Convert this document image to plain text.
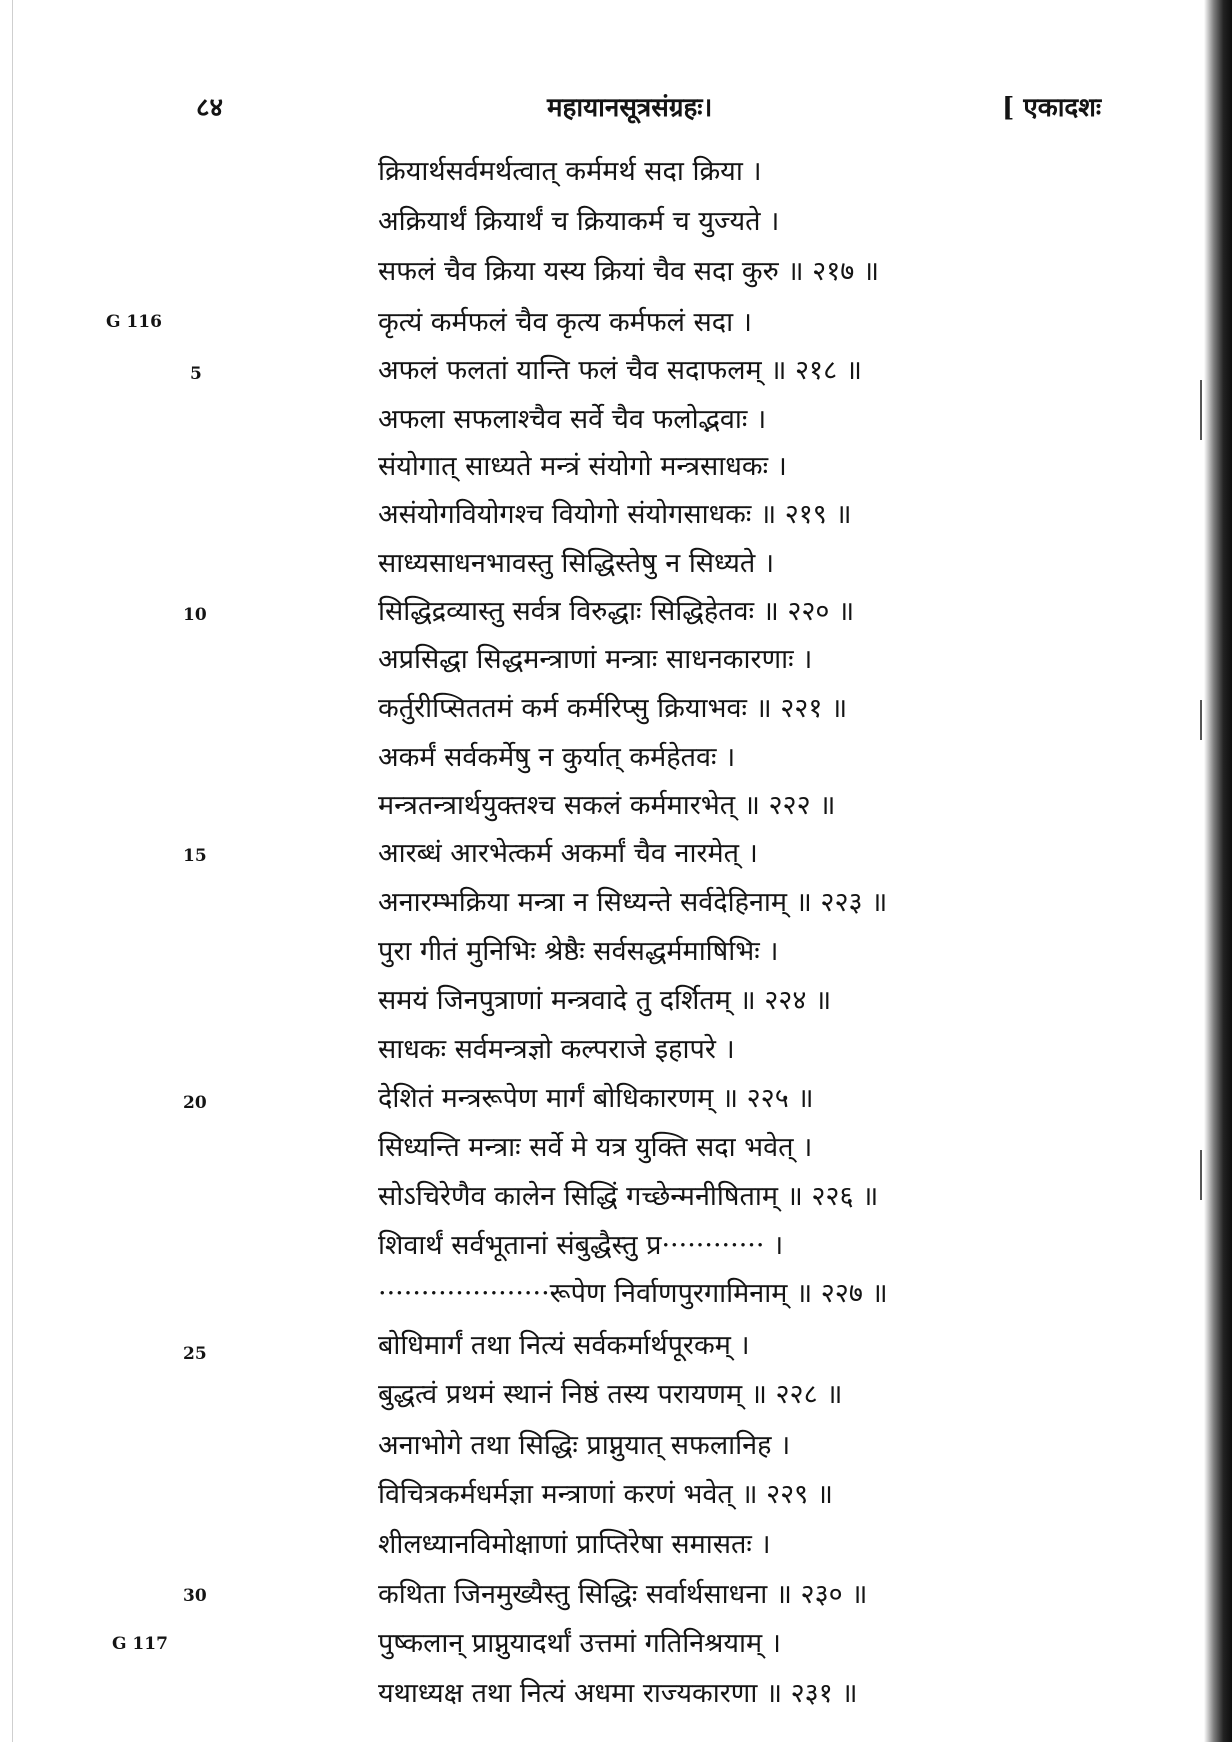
८४	महायानसूत्रसंग्रहः।	[ एकादशः
G 116
5
10
15
20
25
30
G 117
क्रियार्थसर्वमर्थत्वात् कर्ममर्थ सदा क्रिया ।
अक्रियार्थं क्रियार्थं च क्रियाकर्म च युज्यते ।
सफलं चैव क्रिया यस्य क्रियां चैव सदा कुरु ॥ २१७ ॥
कृत्यं कर्मफलं चैव कृत्य कर्मफलं सदा ।
अफलं फलतां यान्ति फलं चैव सदाफलम् ॥ २१८ ॥
अफला सफलाश्चैव सर्वे चैव फलोद्भवाः ।
संयोगात् साध्यते मन्त्रं संयोगो मन्त्रसाधकः ।
असंयोगवियोगश्च वियोगो संयोगसाधकः ॥ २१९ ॥
साध्यसाधनभावस्तु सिद्धिस्तेषु न सिध्यते ।
सिद्धिद्रव्यास्तु सर्वत्र विरुद्धाः सिद्धिहेतवः ॥ २२० ॥
अप्रसिद्धा सिद्धमन्त्राणां मन्त्राः साधनकारणाः ।
कर्तुरीप्सिततमं कर्म कर्मरिप्सु क्रियाभवः ॥ २२१ ॥
अकर्मं सर्वकर्मेषु न कुर्यात् कर्महेतवः ।
मन्त्रतन्त्रार्थयुक्तश्च सकलं कर्ममारभेत् ॥ २२२ ॥
आरब्धं आरभेत्कर्म अकर्मां चैव नारमेत् ।
अनारम्भक्रिया मन्त्रा न सिध्यन्ते सर्वदेहिनाम् ॥ २२३ ॥
पुरा गीतं मुनिभिः श्रेष्ठैः सर्वसद्धर्ममाषिभिः ।
समयं जिनपुत्राणां मन्त्रवादे तु दर्शितम् ॥ २२४ ॥
साधकः सर्वमन्त्रज्ञो कल्पराजे इहापरे ।
देशितं मन्त्ररूपेण मार्गं बोधिकारणम् ॥ २२५ ॥
सिध्यन्ति मन्त्राः सर्वे मे यत्र युक्ति सदा भवेत् ।
सोऽचिरेणैव कालेन सिद्धिं गच्छेन्मनीषिताम् ॥ २२६ ॥
शिवार्थं सर्वभूतानां संबुद्धैस्तु प्र············ ।
····················रूपेण निर्वाणपुरगामिनाम् ॥ २२७ ॥
बोधिमार्गं तथा नित्यं सर्वकर्मार्थपूरकम् ।
बुद्धत्वं प्रथमं स्थानं निष्ठं तस्य परायणम् ॥ २२८ ॥
अनाभोगे तथा सिद्धिः प्राप्नुयात् सफलानिह ।
विचित्रकर्मधर्मज्ञा मन्त्राणां करणं भवेत् ॥ २२९ ॥
शीलध्यानविमोक्षाणां प्राप्तिरेषा समासतः ।
कथिता जिनमुख्यैस्तु सिद्धिः सर्वार्थसाधना ॥ २३० ॥
पुष्कलान् प्राप्नुयादर्थां उत्तमां गतिनिश्रयाम् ।
यथाध्यक्ष तथा नित्यं अधमा राज्यकारणा ॥ २३१ ॥
